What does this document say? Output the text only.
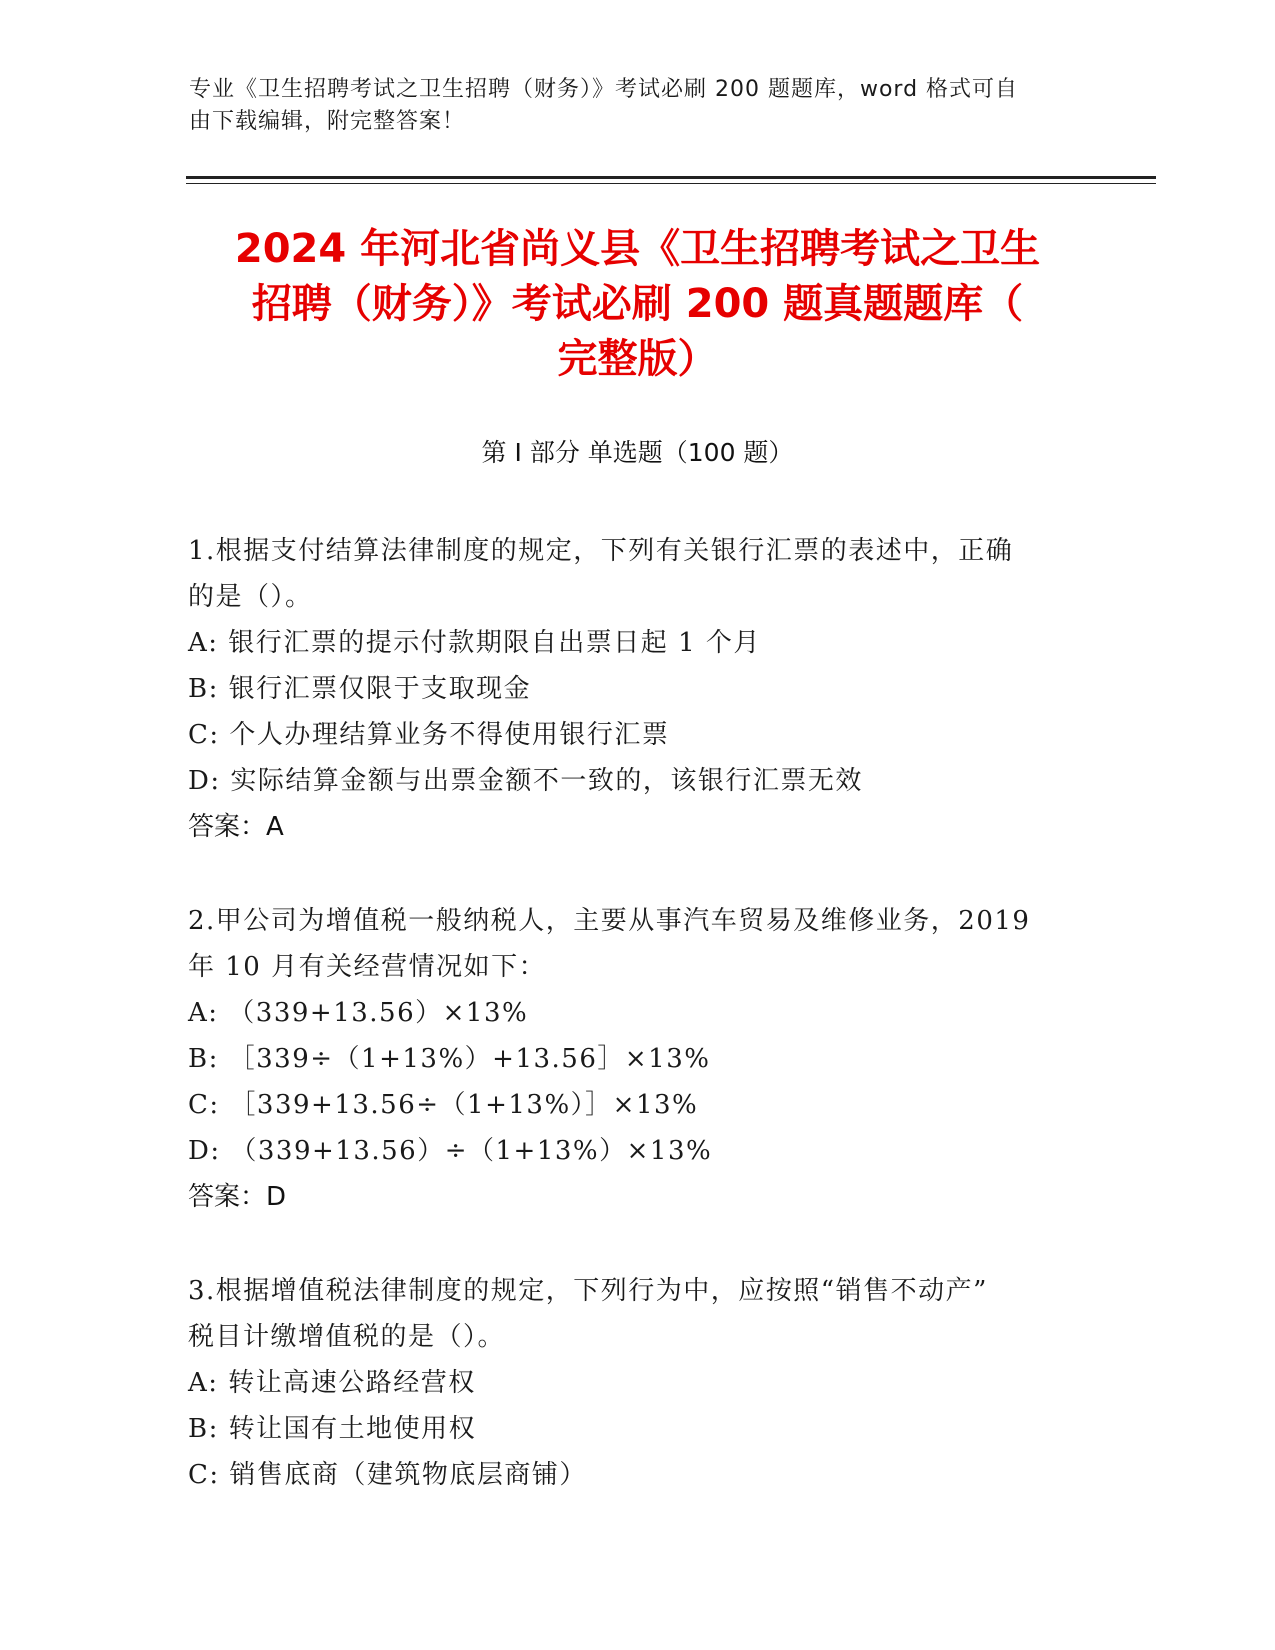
专业《卫生招聘考试之卫生招聘（财务）》考试必刷 200 题题库，word 格式可自
由下载编辑，附完整答案！
2024 年河北省尚义县《卫生招聘考试之卫生
招聘（财务）》考试必刷 200 题真题题库（
完整版）
第 I 部分 单选题（100 题）
1.根据支付结算法律制度的规定，下列有关银行汇票的表述中，正确
的是（）。
A: 银行汇票的提示付款期限自出票日起 1 个月
B: 银行汇票仅限于支取现金
C: 个人办理结算业务不得使用银行汇票
D: 实际结算金额与出票金额不一致的，该银行汇票无效
答案：A
2.甲公司为增值税一般纳税人，主要从事汽车贸易及维修业务，2019
年 10 月有关经营情况如下：
A: （339+13.56）×13%
B: ［339÷（1+13%）+13.56］×13%
C: ［339+13.56÷（1+13%）］×13%
D: （339+13.56）÷（1+13%）×13%
答案：D
3.根据增值税法律制度的规定，下列行为中，应按照“销售不动产”
税目计缴增值税的是（）。
A: 转让高速公路经营权
B: 转让国有土地使用权
C: 销售底商（建筑物底层商铺）
